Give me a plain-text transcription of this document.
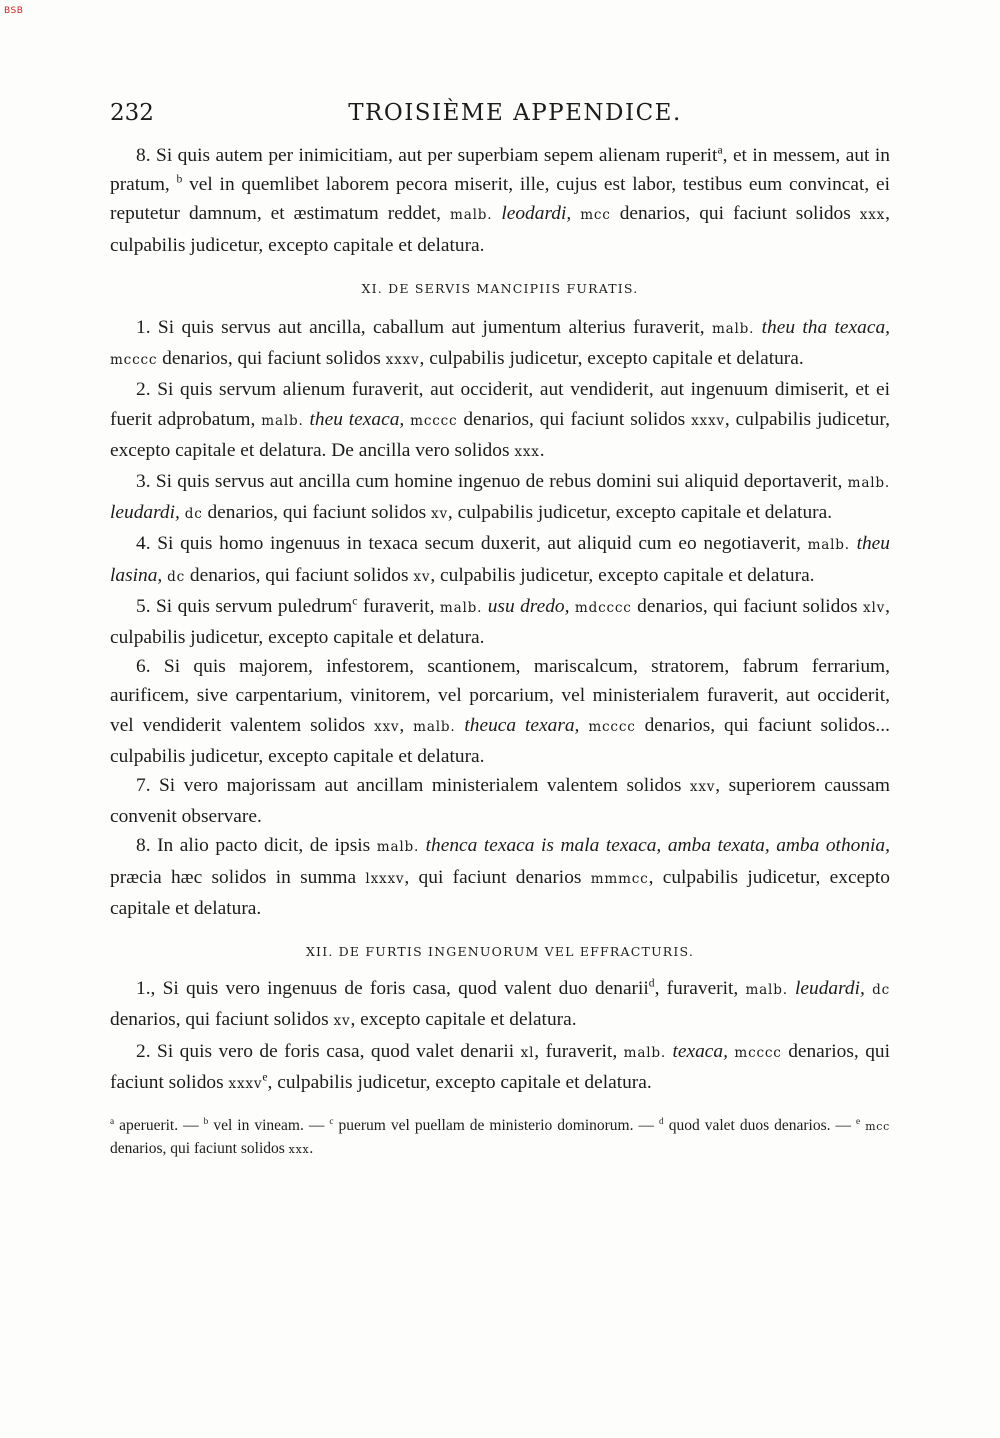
BSB
232	TROISIÈME APPENDICE.

8. Si quis autem per inimicitiam, aut per superbiam sepem alienam ruperit$^a$, et in messem, aut in pratum, $^b$ vel in quemlibet laborem pecora miserit, ille, cujus est labor, testibus eum convincat, ei reputetur damnum, et æstimatum reddet, malb. leodardi, mcc denarios, qui faciunt solidos xxx, culpabilis judicetur, excepto capitale et delatura.

XI. DE SERVIS MANCIPIIS FURATIS.

1. Si quis servus aut ancilla, caballum aut jumentum alterius furaverit, malb. theu tha texaca, mcccc denarios, qui faciunt solidos xxxv, culpabilis judicetur, excepto capitale et delatura.

2. Si quis servum alienum furaverit, aut occiderit, aut vendiderit, aut ingenuum dimiserit, et ei fuerit adprobatum, malb. theu texaca, mcccc denarios, qui faciunt solidos xxxv, culpabilis judicetur, excepto capitale et delatura. De ancilla vero solidos xxx.

3. Si quis servus aut ancilla cum homine ingenuo de rebus domini sui aliquid deportaverit, malb. leudardi, dc denarios, qui faciunt solidos xv, culpabilis judicetur, excepto capitale et delatura.

4. Si quis homo ingenuus in texaca secum duxerit, aut aliquid cum eo negotiaverit, malb. theu lasina, dc denarios, qui faciunt solidos xv, culpabilis judicetur, excepto capitale et delatura.

5. Si quis servum puledrum$^c$ furaverit, malb. usu dredo, mdcccc denarios, qui faciunt solidos xlv, culpabilis judicetur, excepto capitale et delatura.

6. Si quis majorem, infestorem, scantionem, mariscalcum, stratorem, fabrum ferrarium, aurificem, sive carpentarium, vinitorem, vel porcarium, vel ministerialem furaverit, aut occiderit, vel vendiderit valentem solidos xxv, malb. theuca texara, mcccc denarios, qui faciunt solidos... culpabilis judicetur, excepto capitale et delatura.

7. Si vero majorissam aut ancillam ministerialem valentem solidos xxv, superiorem caussam convenit observare.

8. In alio pacto dicit, de ipsis malb. thenca texaca is mala texaca, amba texata, amba othonia, præcia hæc solidos in summa lxxxv, qui faciunt denarios mmmcc, culpabilis judicetur, excepto capitale et delatura.

XII. DE FURTIS INGENUORUM VEL EFFRACTURIS.

1., Si quis vero ingenuus de foris casa, quod valent duo denarii$^d$, furaverit, malb. leudardi, dc denarios, qui faciunt solidos xv, excepto capitale et delatura.

2. Si quis vero de foris casa, quod valet denarii xl, furaverit, malb. texaca, mcccc denarios, qui faciunt solidos xxxv$^e$, culpabilis judicetur, excepto capitale et delatura.

$^a$ aperuerit. — $^b$ vel in vineam. — $^c$ puerum vel puellam de ministerio dominorum. — $^d$ quod valet duos denarios. — $^e$ mcc denarios, qui faciunt solidos xxx.
